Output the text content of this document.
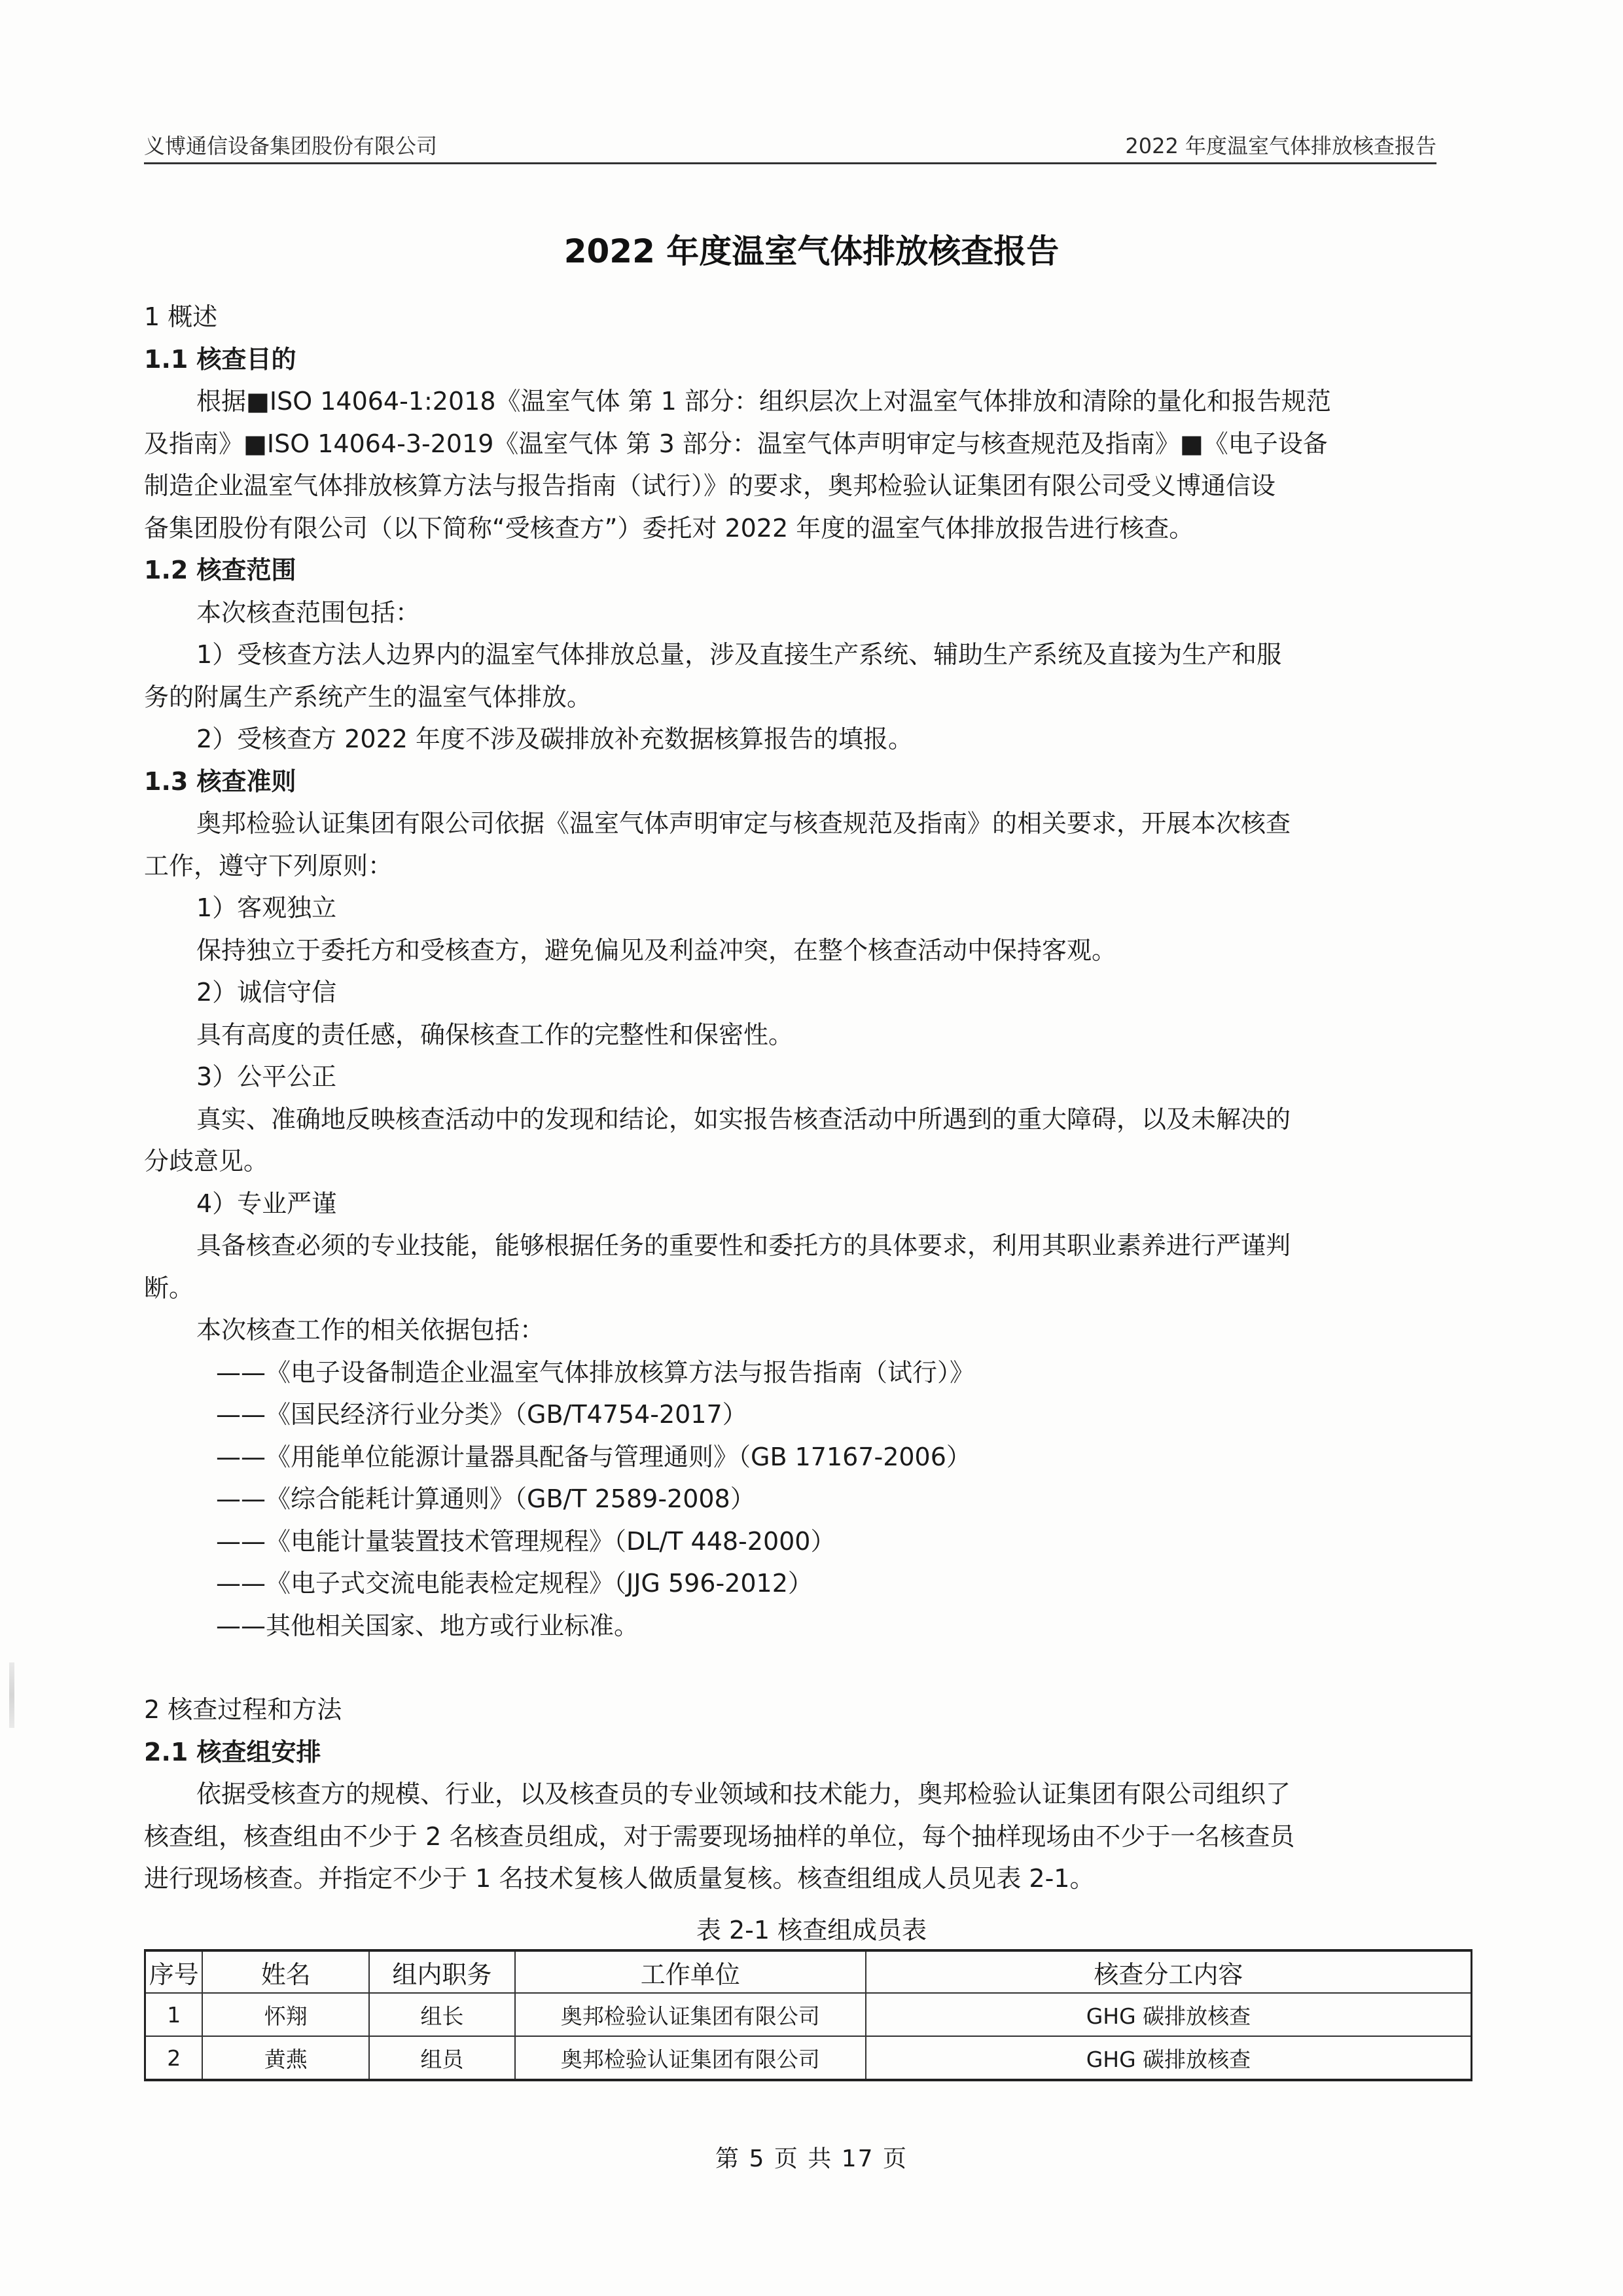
义博通信设备集团股份有限公司	2022 年度温室气体排放核查报告
2022 年度温室气体排放核查报告
1 概述
1.1 核查目的
根据■ISO 14064-1:2018《温室气体 第 1 部分：组织层次上对温室气体排放和清除的量化和报告规范
及指南》■ISO 14064-3-2019《温室气体 第 3 部分：温室气体声明审定与核查规范及指南》■《电子设备
制造企业温室气体排放核算方法与报告指南（试行）》的要求，奥邦检验认证集团有限公司受义博通信设
备集团股份有限公司（以下简称“受核查方”）委托对 2022 年度的温室气体排放报告进行核查。
1.2 核查范围
本次核查范围包括：
1）受核查方法人边界内的温室气体排放总量，涉及直接生产系统、辅助生产系统及直接为生产和服
务的附属生产系统产生的温室气体排放。
2）受核查方 2022 年度不涉及碳排放补充数据核算报告的填报。
1.3 核查准则
奥邦检验认证集团有限公司依据《温室气体声明审定与核查规范及指南》的相关要求，开展本次核查
工作，遵守下列原则：
1）客观独立
保持独立于委托方和受核查方，避免偏见及利益冲突，在整个核查活动中保持客观。
2）诚信守信
具有高度的责任感，确保核查工作的完整性和保密性。
3）公平公正
真实、准确地反映核查活动中的发现和结论，如实报告核查活动中所遇到的重大障碍，以及未解决的
分歧意见。
4）专业严谨
具备核查必须的专业技能，能够根据任务的重要性和委托方的具体要求，利用其职业素养进行严谨判
断。
本次核查工作的相关依据包括：
——《电子设备制造企业温室气体排放核算方法与报告指南（试行）》
——《国民经济行业分类》（GB/T4754-2017）
——《用能单位能源计量器具配备与管理通则》（GB 17167-2006）
——《综合能耗计算通则》（GB/T 2589-2008）
——《电能计量装置技术管理规程》（DL/T 448-2000）
——《电子式交流电能表检定规程》（JJG 596-2012）
——其他相关国家、地方或行业标准。
2 核查过程和方法
2.1 核查组安排
依据受核查方的规模、行业，以及核查员的专业领域和技术能力，奥邦检验认证集团有限公司组织了
核查组，核查组由不少于 2 名核查员组成，对于需要现场抽样的单位，每个抽样现场由不少于一名核查员
进行现场核查。并指定不少于 1 名技术复核人做质量复核。核查组组成人员见表 2-1。
表 2-1 核查组成员表
序号	姓名	组内职务	工作单位	核查分工内容
1	怀翔	组长	奥邦检验认证集团有限公司	GHG 碳排放核查
2	黄燕	组员	奥邦检验认证集团有限公司	GHG 碳排放核查
第 5 页 共 17 页
